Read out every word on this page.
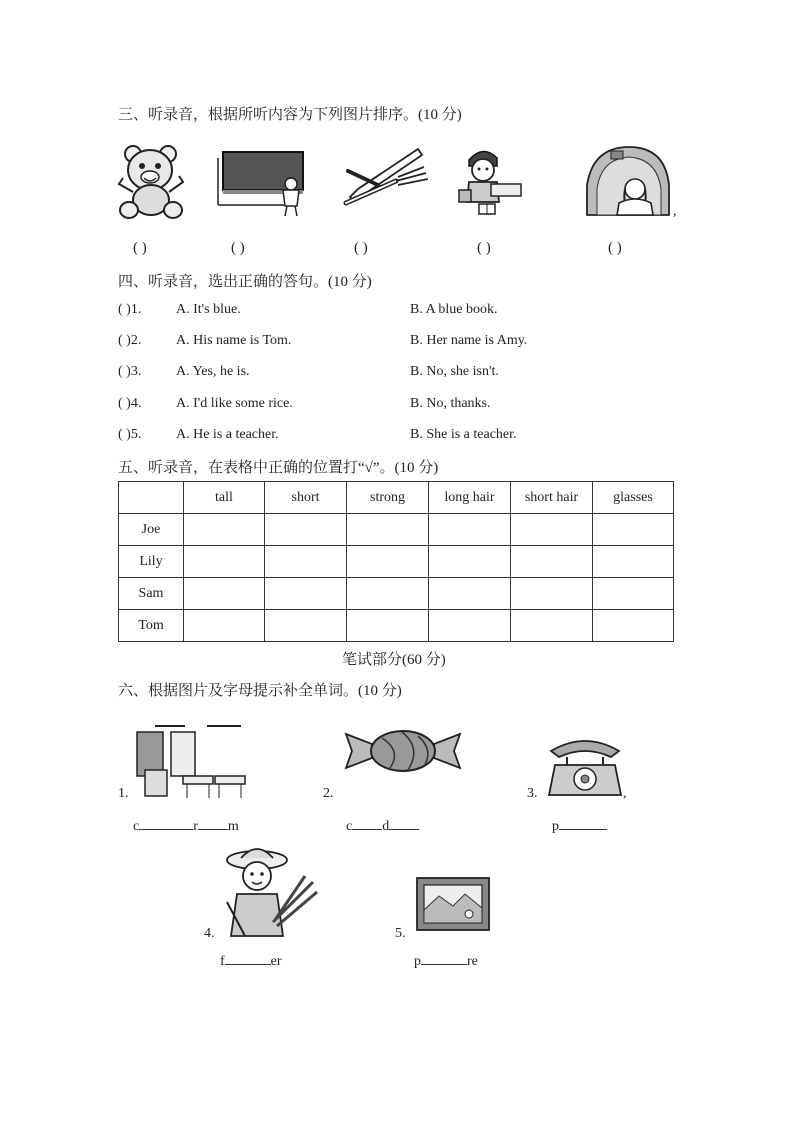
三、听录音，根据所听内容为下列图片排序。(10 分)
,
( )	( )	( )	( )	( )
四、听录音，选出正确的答句。(10 分)
( )1. A. It's blue.	B. A blue book.
( )2. A. His name is Tom.	B. Her name is Amy.
( )3. A. Yes, he is.	B. No, she isn't.
( )4. A. I'd like some rice.	B. No, thanks.
( )5. A. He is a teacher.	B. She is a teacher.
五、听录音，在表格中正确的位置打“√”。(10 分)
	tall	short	strong	long hair	short hair	glasses
Joe						
Lily						
Sam						
Tom						
笔试部分(60 分)
六、根据图片及字母提示补全单词。(10 分)
1.
c	r m
2.
c d
3.	,
p
4.
f	er
5.
p	re
